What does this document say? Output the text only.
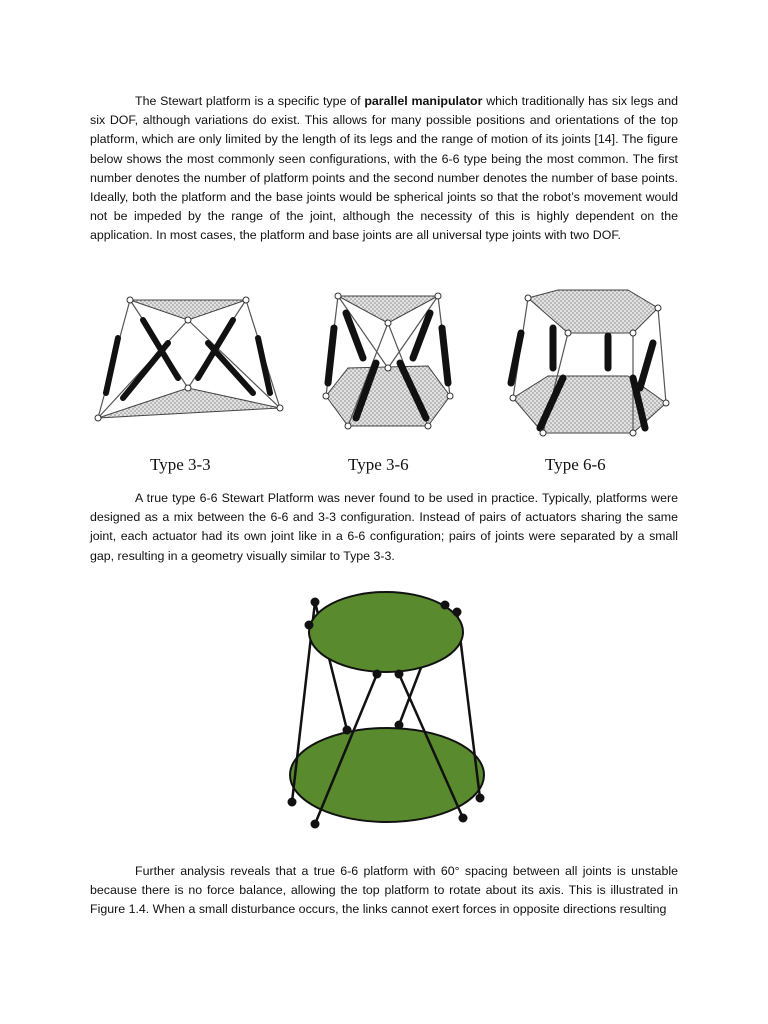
The Stewart platform is a specific type of parallel manipulator which traditionally has six legs and six DOF, although variations do exist. This allows for many possible positions and orientations of the top platform, which are only limited by the length of its legs and the range of motion of its joints [14]. The figure below shows the most commonly seen configurations, with the 6-6 type being the most common. The first number denotes the number of platform points and the second number denotes the number of base points. Ideally, both the platform and the base joints would be spherical joints so that the robot’s movement would not be impeded by the range of the joint, although the necessity of this is highly dependent on the application. In most cases, the platform and base joints are all universal type joints with two DOF.

Type 3-3	Type 3-6	Type 6-6

A true type 6-6 Stewart Platform was never found to be used in practice. Typically, platforms were designed as a mix between the 6-6 and 3-3 configuration. Instead of pairs of actuators sharing the same joint, each actuator had its own joint like in a 6-6 configuration; pairs of joints were separated by a small gap, resulting in a geometry visually similar to Type 3-3.

Further analysis reveals that a true 6-6 platform with 60° spacing between all joints is unstable because there is no force balance, allowing the top platform to rotate about its axis. This is illustrated in Figure 1.4. When a small disturbance occurs, the links cannot exert forces in opposite directions resulting
